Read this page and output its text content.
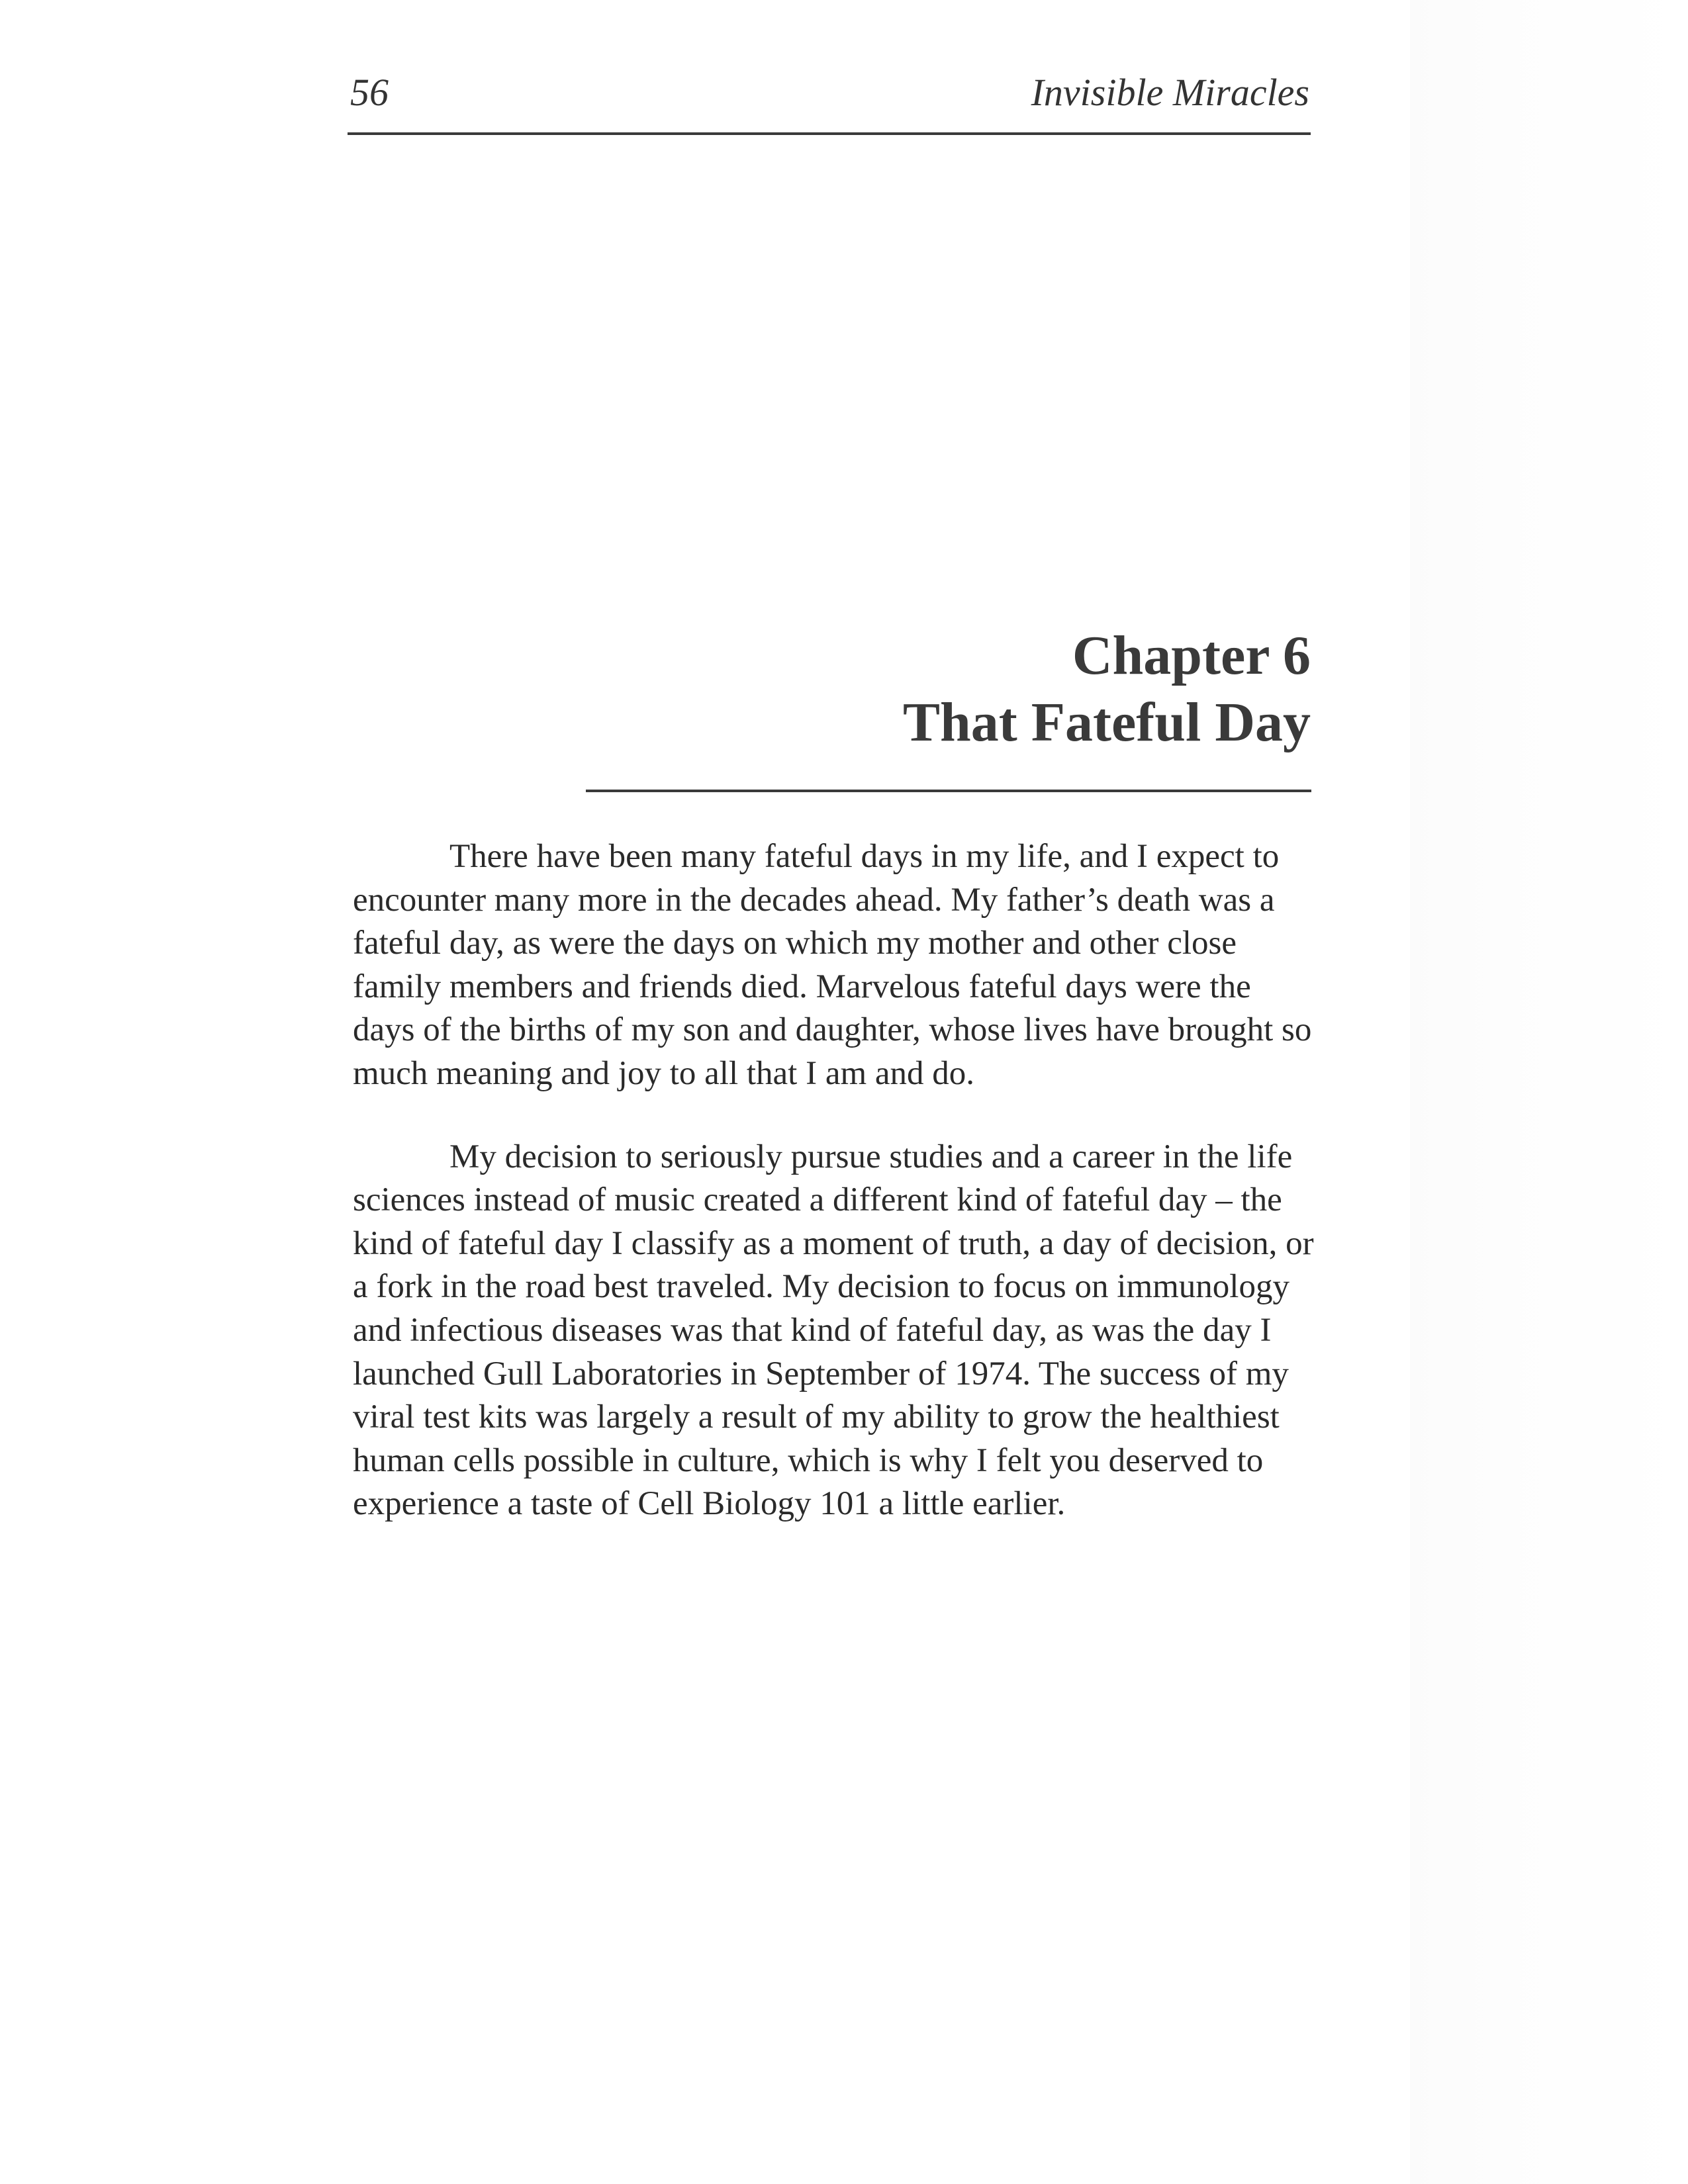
56	Invisible Miracles
Chapter 6
That Fateful Day

There have been many fateful days in my life, and I expect to encounter many more in the decades ahead. My father’s death was a fateful day, as were the days on which my mother and other close family members and friends died. Marvelous fateful days were the days of the births of my son and daughter, whose lives have brought so much meaning and joy to all that I am and do.

My decision to seriously pursue studies and a career in the life sciences instead of music created a different kind of fateful day – the kind of fateful day I classify as a moment of truth, a day of decision, or a fork in the road best traveled. My decision to focus on immunology and infectious diseases was that kind of fateful day, as was the day I launched Gull Laboratories in September of 1974. The success of my viral test kits was largely a result of my ability to grow the healthiest human cells possible in culture, which is why I felt you deserved to experience a taste of Cell Biology 101 a little earlier.
